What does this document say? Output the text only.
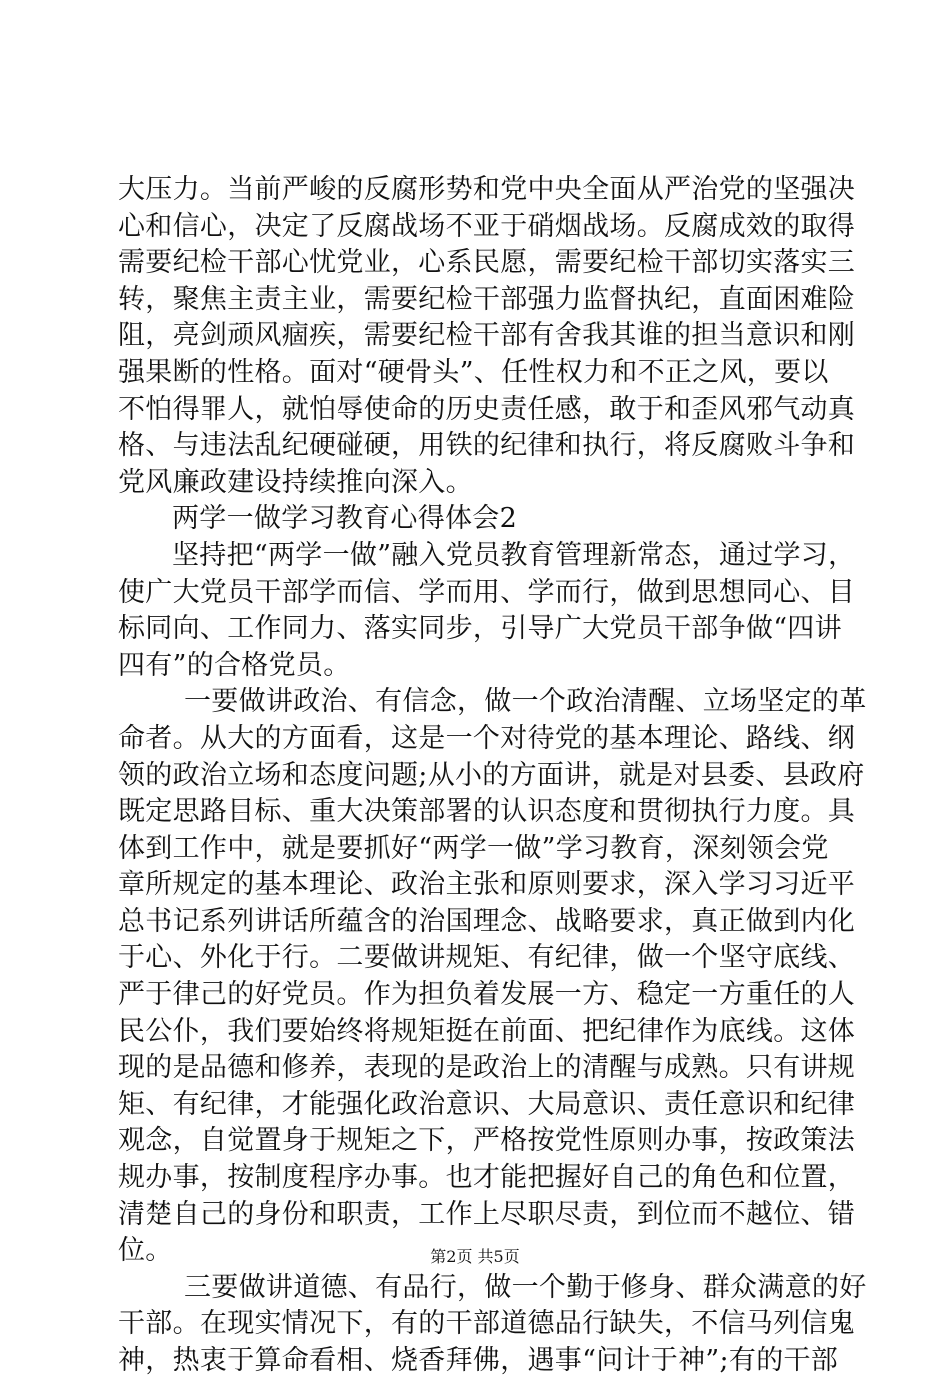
大压力。当前严峻的反腐形势和党中央全面从严治党的坚强决
心和信心，决定了反腐战场不亚于硝烟战场。反腐成效的取得
需要纪检干部心忧党业，心系民愿，需要纪检干部切实落实三
转，聚焦主责主业，需要纪检干部强力监督执纪，直面困难险
阻，亮剑顽风痼疾，需要纪检干部有舍我其谁的担当意识和刚
强果断的性格。面对“硬骨头”、任性权力和不正之风，要以
不怕得罪人，就怕辱使命的历史责任感，敢于和歪风邪气动真
格、与违法乱纪硬碰硬，用铁的纪律和执行，将反腐败斗争和
党风廉政建设持续推向深入。
两学一做学习教育心得体会2
坚持把“两学一做”融入党员教育管理新常态，通过学习，
使广大党员干部学而信、学而用、学而行，做到思想同心、目
标同向、工作同力、落实同步，引导广大党员干部争做“四讲
四有”的合格党员。
一要做讲政治、有信念，做一个政治清醒、立场坚定的革
命者。从大的方面看，这是一个对待党的基本理论、路线、纲
领的政治立场和态度问题;从小的方面讲，就是对县委、县政府
既定思路目标、重大决策部署的认识态度和贯彻执行力度。具
体到工作中，就是要抓好“两学一做”学习教育，深刻领会党
章所规定的基本理论、政治主张和原则要求，深入学习习近平
总书记系列讲话所蕴含的治国理念、战略要求，真正做到内化
于心、外化于行。二要做讲规矩、有纪律，做一个坚守底线、
严于律己的好党员。作为担负着发展一方、稳定一方重任的人
民公仆，我们要始终将规矩挺在前面、把纪律作为底线。这体
现的是品德和修养，表现的是政治上的清醒与成熟。只有讲规
矩、有纪律，才能强化政治意识、大局意识、责任意识和纪律
观念，自觉置身于规矩之下，严格按党性原则办事，按政策法
规办事，按制度程序办事。也才能把握好自己的角色和位置，
清楚自己的身份和职责，工作上尽职尽责，到位而不越位、错
位。
三要做讲道德、有品行，做一个勤于修身、群众满意的好
干部。在现实情况下，有的干部道德品行缺失，不信马列信鬼
神，热衷于算命看相、烧香拜佛，遇事“问计于神”;有的干部
第2页 共5页
